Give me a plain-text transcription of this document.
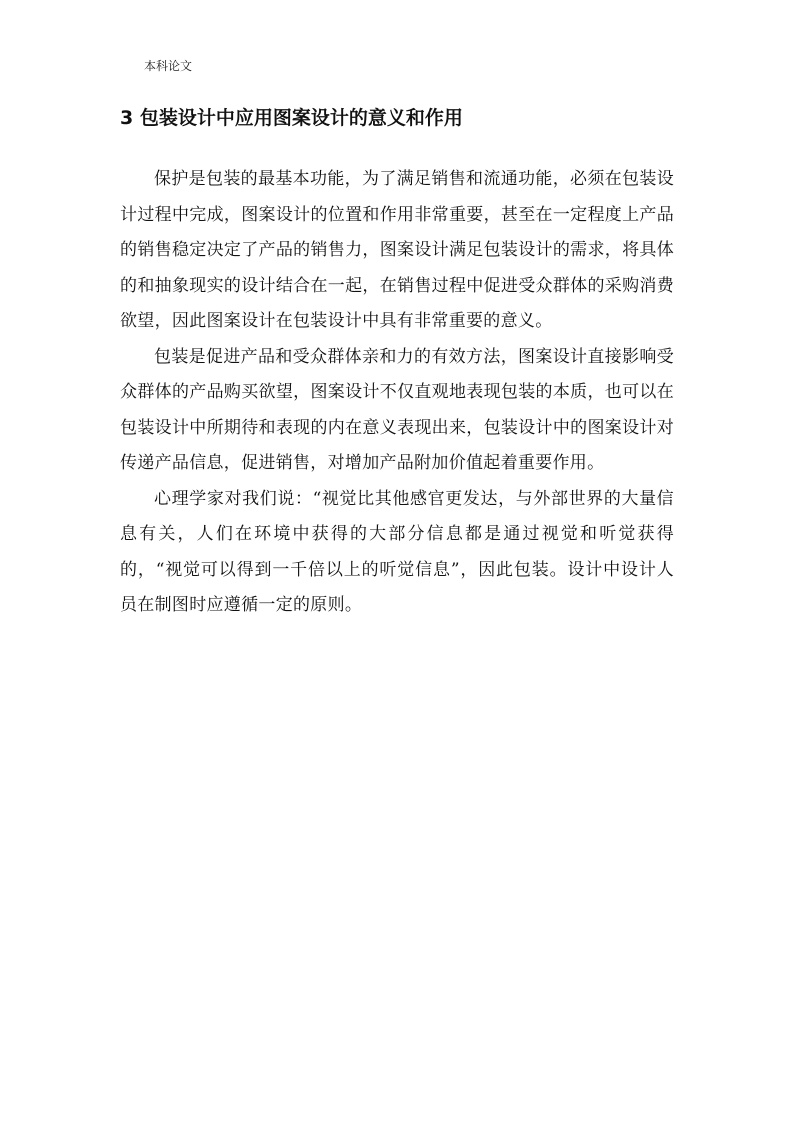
本科论文
3 包装设计中应用图案设计的意义和作用

保护是包装的最基本功能，为了满足销售和流通功能，必须在包装设计过程中完成，图案设计的位置和作用非常重要，甚至在一定程度上产品的销售稳定决定了产品的销售力，图案设计满足包装设计的需求，将具体的和抽象现实的设计结合在一起，在销售过程中促进受众群体的采购消费欲望，因此图案设计在包装设计中具有非常重要的意义。

包装是促进产品和受众群体亲和力的有效方法，图案设计直接影响受众群体的产品购买欲望，图案设计不仅直观地表现包装的本质，也可以在包装设计中所期待和表现的内在意义表现出来，包装设计中的图案设计对传递产品信息，促进销售，对增加产品附加价值起着重要作用。

心理学家对我们说：“视觉比其他感官更发达，与外部世界的大量信息有关，人们在环境中获得的大部分信息都是通过视觉和听觉获得的，“视觉可以得到一千倍以上的听觉信息”，因此包装。设计中设计人员在制图时应遵循一定的原则。
